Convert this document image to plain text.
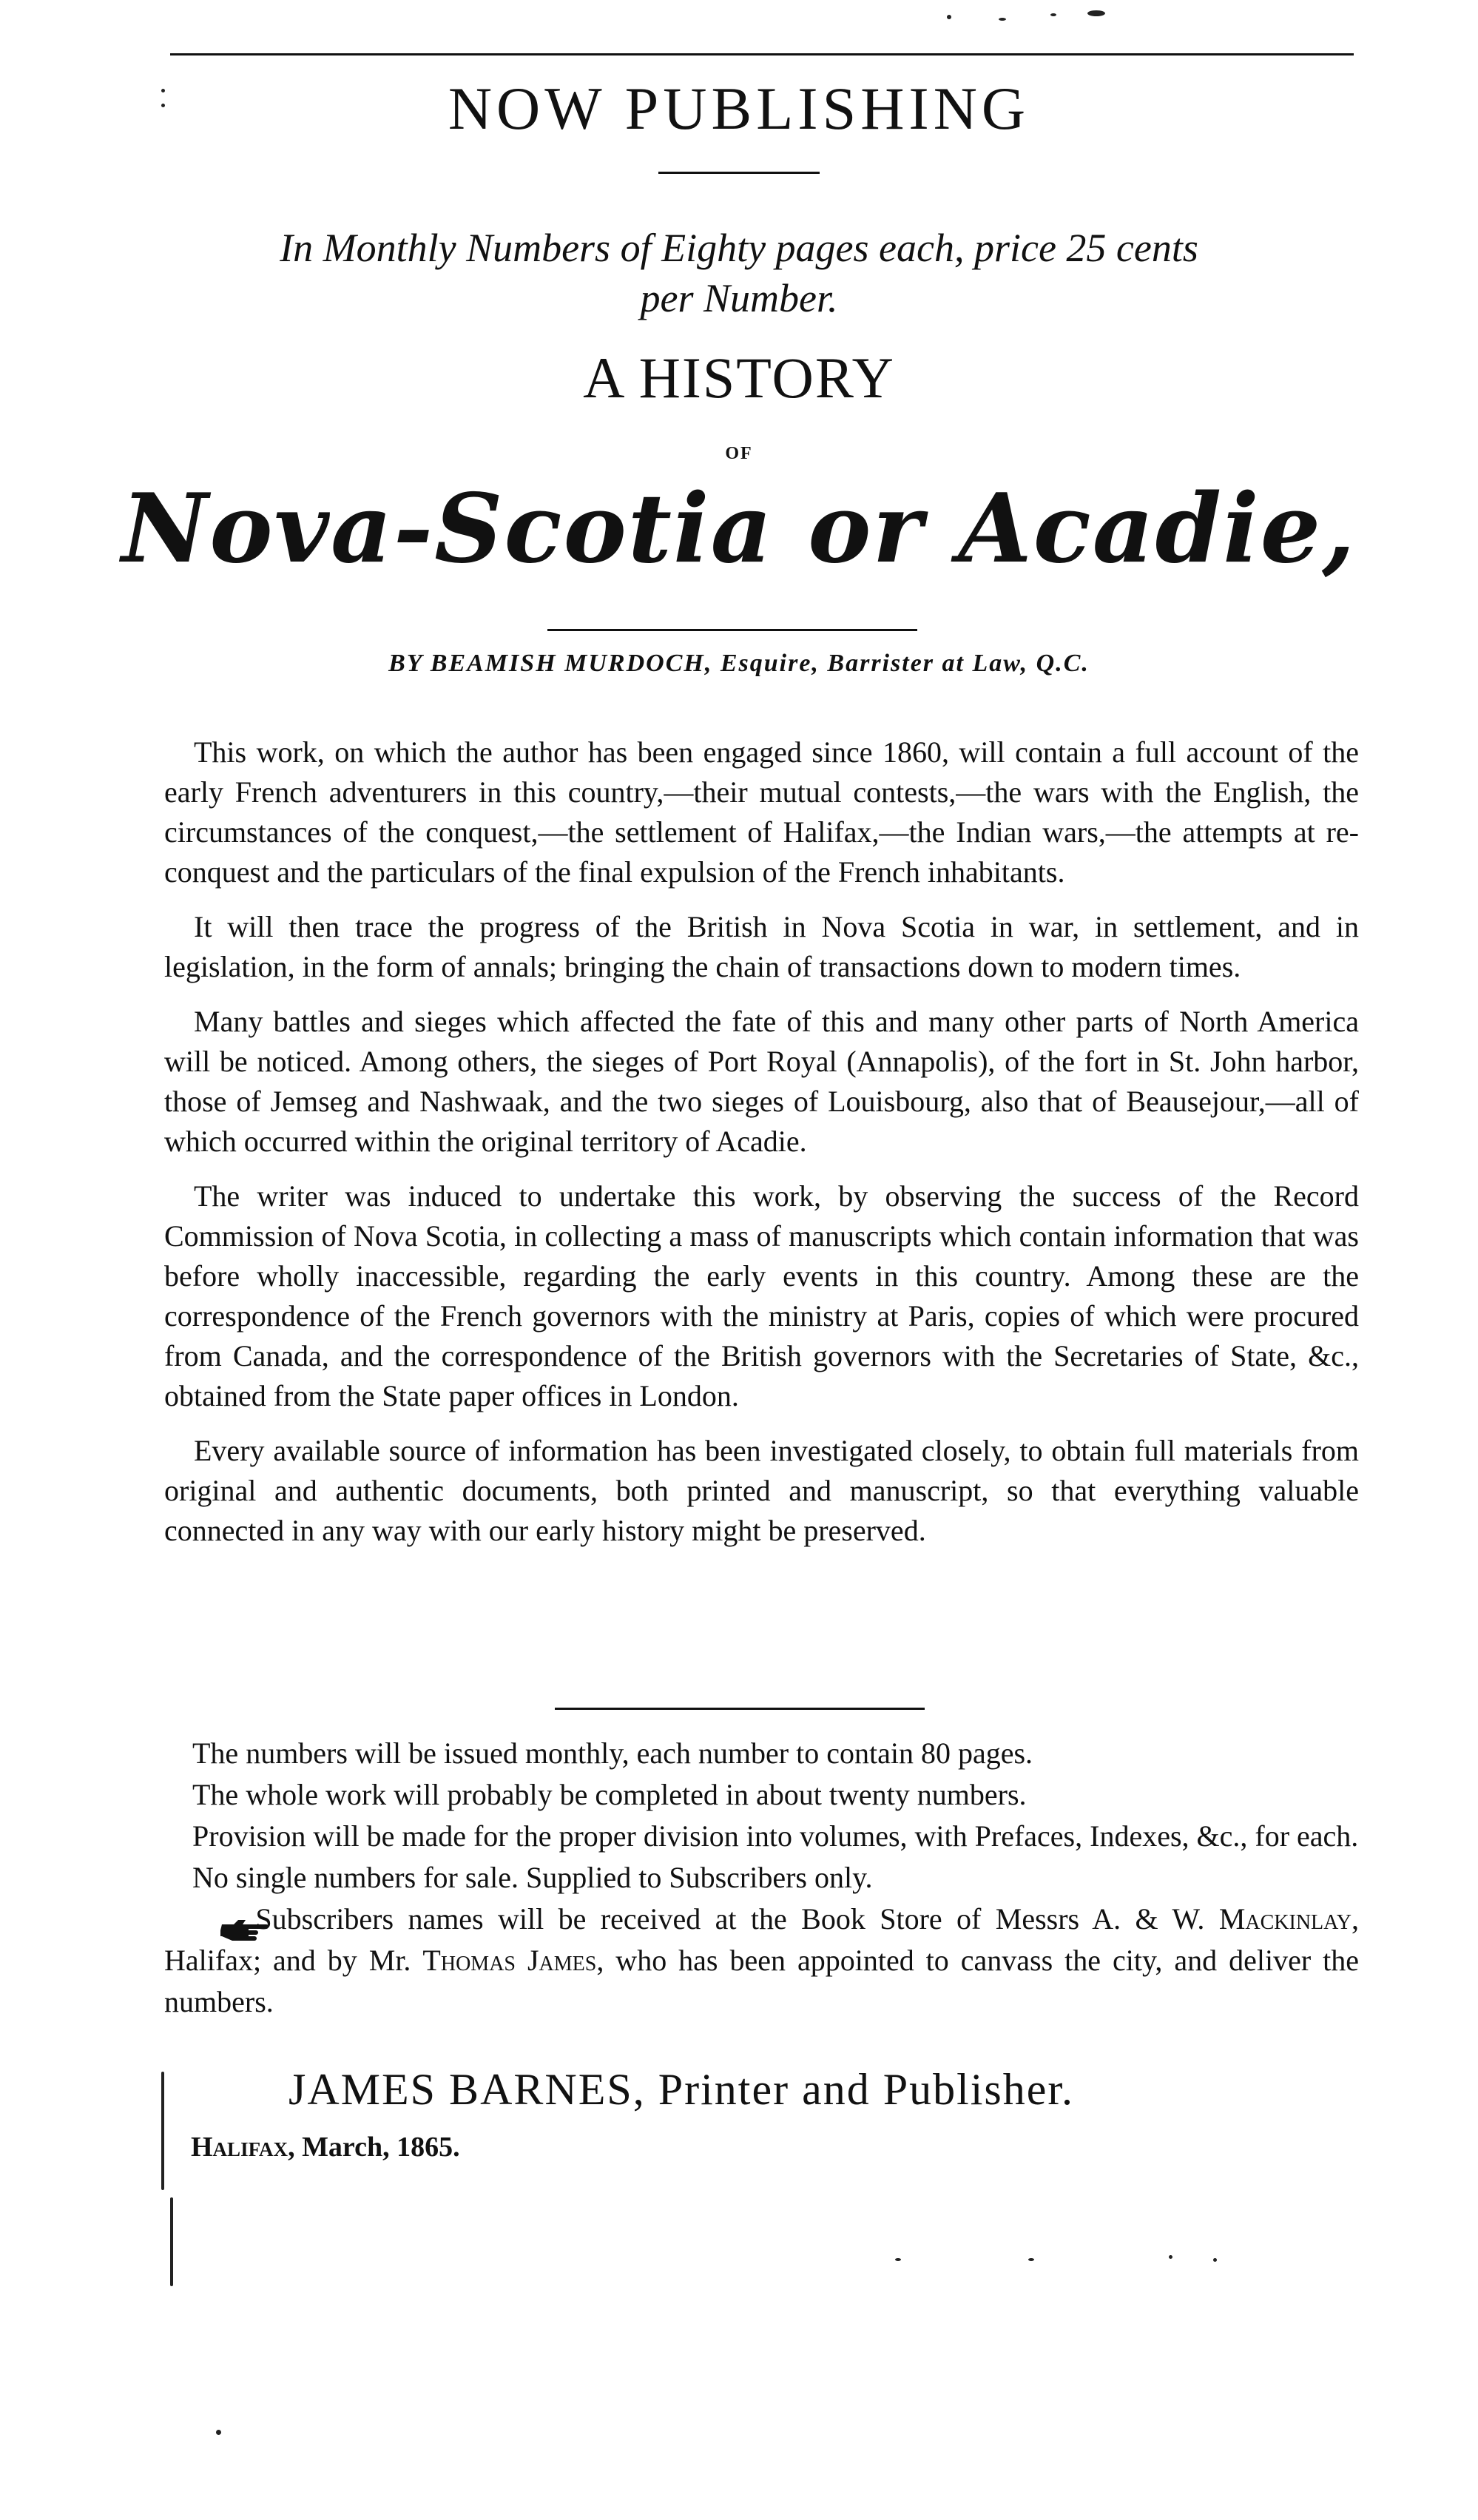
NOW PUBLISHING
In Monthly Numbers of Eighty pages each, price 25 cents
per Number.
A HISTORY
OF
Nova-Scotia or Acadie,
BY BEAMISH MURDOCH, Esquire, Barrister at Law, Q.C.

This work, on which the author has been engaged since 1860, will contain a full account of the early French adventurers in this country,—their mutual contests,—the wars with the English, the circumstances of the conquest,—the settlement of Halifax,—the Indian wars,—the attempts at re-conquest and the particulars of the final expulsion of the French inhabitants.

It will then trace the progress of the British in Nova Scotia in war, in settlement, and in legislation, in the form of annals; bringing the chain of transactions down to modern times.

Many battles and sieges which affected the fate of this and many other parts of North America will be noticed. Among others, the sieges of Port Royal (Annapolis), of the fort in St. John harbor, those of Jemseg and Nashwaak, and the two sieges of Louisbourg, also that of Beausejour,—all of which occurred within the original territory of Acadie.

The writer was induced to undertake this work, by observing the success of the Record Commission of Nova Scotia, in collecting a mass of manuscripts which contain information that was before wholly inaccessible, regarding the early events in this country. Among these are the correspondence of the French governors with the ministry at Paris, copies of which were procured from Canada, and the correspondence of the British governors with the Secretaries of State, &c., obtained from the State paper offices in London.

Every available source of information has been investigated closely, to obtain full materials from original and authentic documents, both printed and manuscript, so that everything valuable connected in any way with our early history might be preserved.

The numbers will be issued monthly, each number to contain 80 pages.

The whole work will probably be completed in about twenty numbers.

Provision will be made for the proper division into volumes, with Prefaces, Indexes, &c., for each.

No single numbers for sale. Supplied to Subscribers only.

Subscribers names will be received at the Book Store of Messrs A. & W. Mackinlay, Halifax; and by Mr. Thomas James, who has been appointed to canvass the city, and deliver the numbers.

JAMES BARNES, Printer and Publisher.
Halifax, March, 1865.
